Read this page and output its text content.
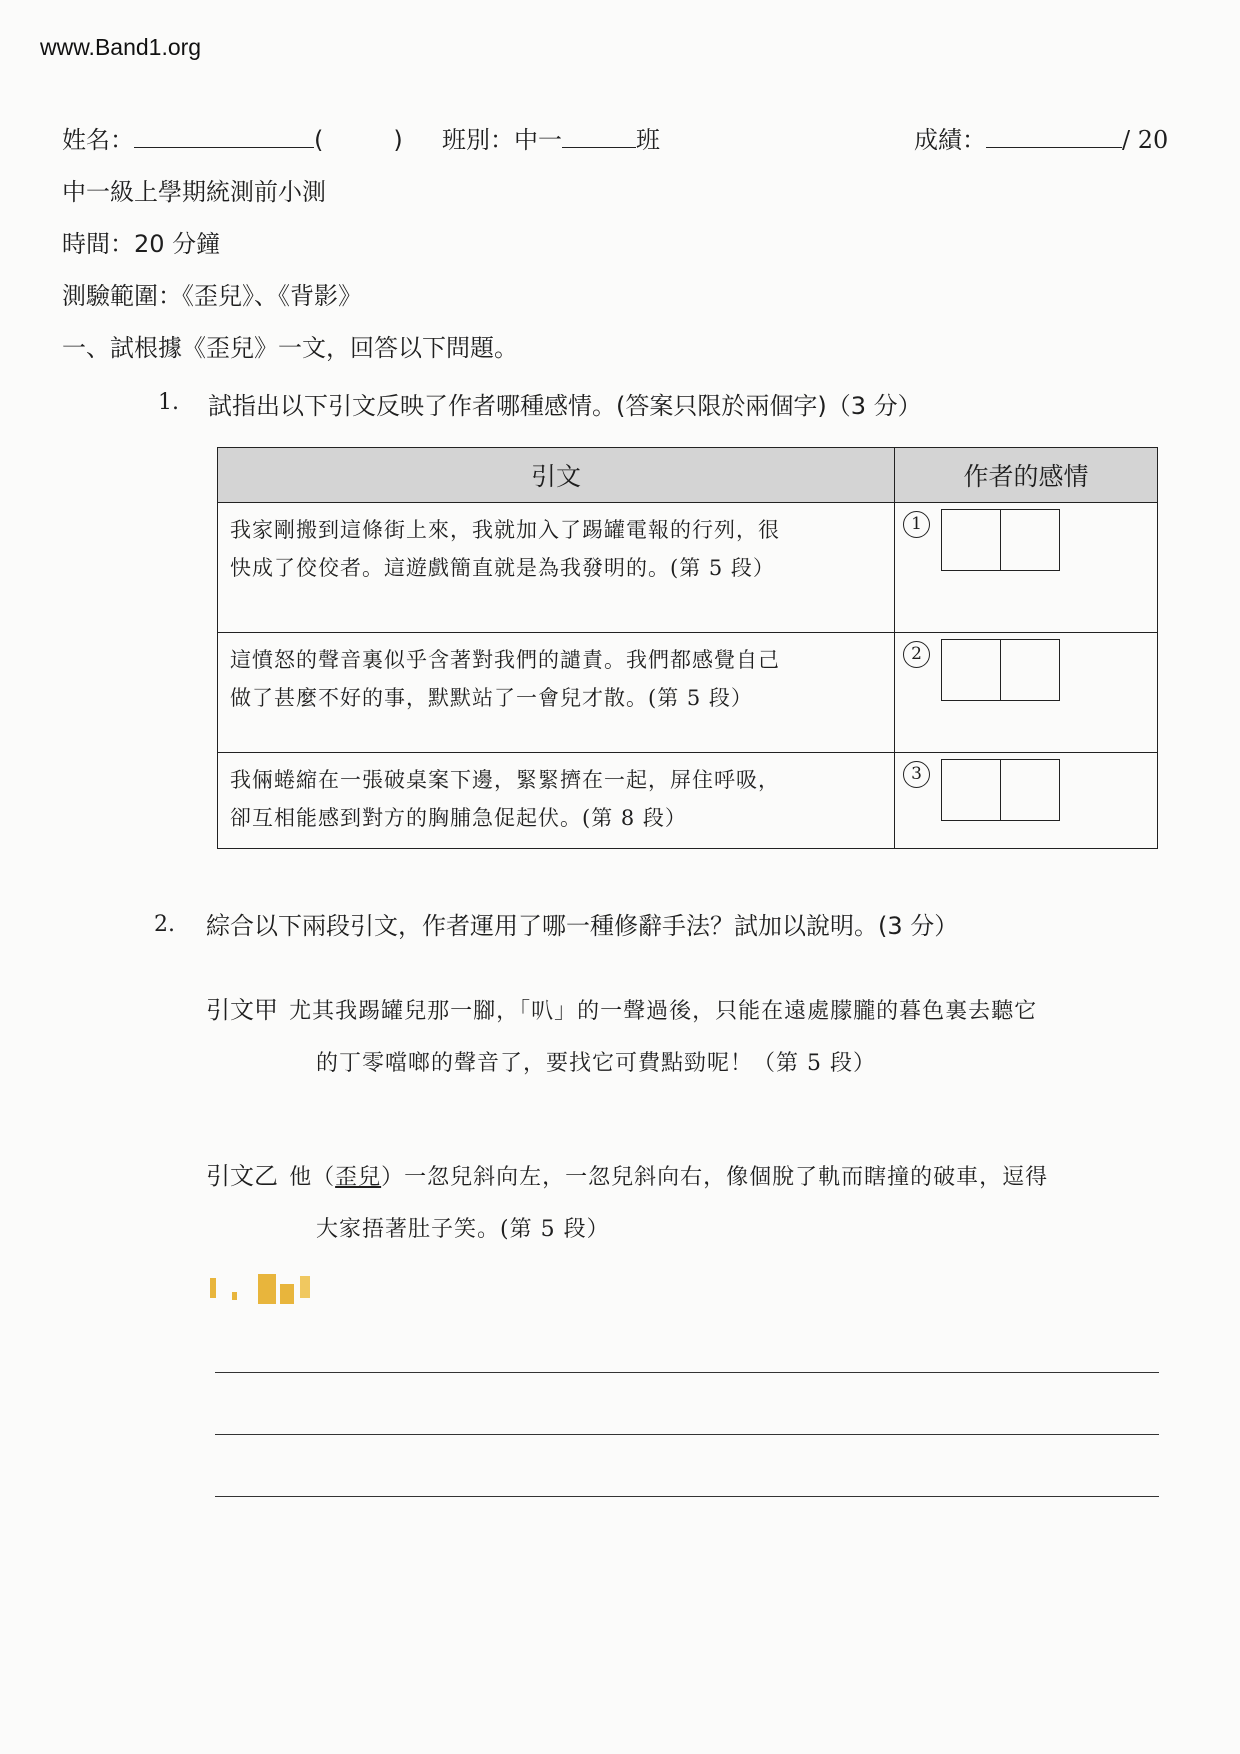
www.Band1.org
姓名：	(	) 班別：中一	班	成績：	/ 20
中一級上學期統測前小測
時間：20 分鐘
測驗範圍：《歪兒》、《背影》
一、試根據《歪兒》一文，回答以下問題。
1. 試指出以下引文反映了作者哪種感情。(答案只限於兩個字)（3 分）
引文	作者的感情

我家剛搬到這條街上來，我就加入了踢罐電報的行列，很
快成了佼佼者。這遊戲簡直就是為我發明的。(第 5 段）	1

這憤怒的聲音裏似乎含著對我們的譴責。我們都感覺自己
做了甚麼不好的事，默默站了一會兒才散。(第 5 段）	2

我倆蜷縮在一張破桌案下邊，緊緊擠在一起，屏住呼吸，
卻互相能感到對方的胸脯急促起伏。(第 8 段）	3
2. 綜合以下兩段引文，作者運用了哪一種修辭手法？試加以說明。(3 分）
引文甲 尤其我踢罐兒那一腳，「叭」的一聲過後，只能在遠處朦朧的暮色裏去聽它
的丁零噹啷的聲音了，要找它可費點勁呢！（第 5 段）
引文乙 他（歪兒）一忽兒斜向左，一忽兒斜向右，像個脫了軌而瞎撞的破車，逗得
大家捂著肚子笑。(第 5 段）
